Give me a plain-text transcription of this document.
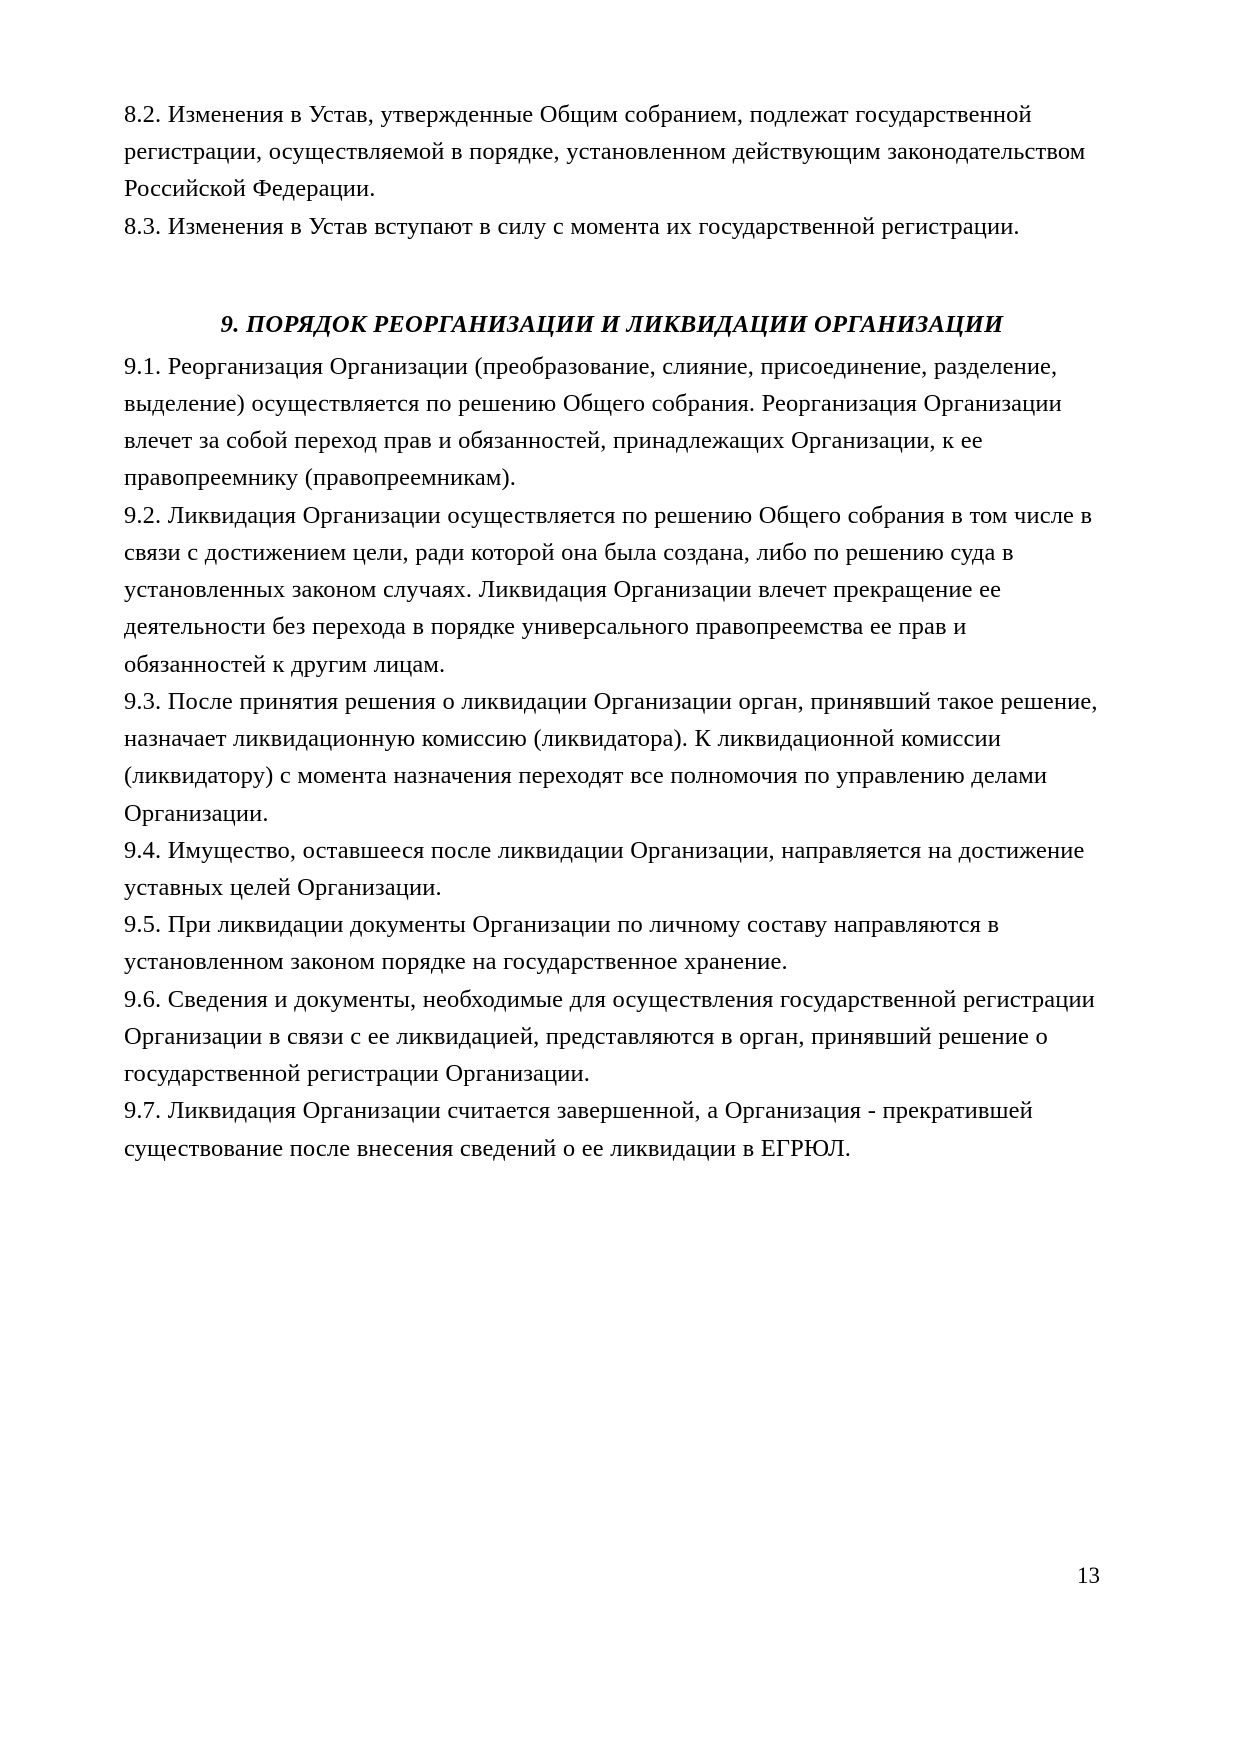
8.2. Изменения в Устав, утвержденные Общим собранием, подлежат государственной регистрации, осуществляемой в порядке, установленном действующим законодательством Российской Федерации.

8.3. Изменения в Устав вступают в силу с момента их государственной регистрации.

9. ПОРЯДОК РЕОРГАНИЗАЦИИ И ЛИКВИДАЦИИ ОРГАНИЗАЦИИ

9.1. Реорганизация Организации (преобразование, слияние, присоединение, разделение, выделение) осуществляется по решению Общего собрания. Реорганизация Организации влечет за собой переход прав и обязанностей, принадлежащих Организации, к ее правопреемнику (правопреемникам).

9.2. Ликвидация Организации осуществляется по решению Общего собрания в том числе в связи с достижением цели, ради которой она была создана, либо по решению суда в установленных законом случаях. Ликвидация Организации влечет прекращение ее деятельности без перехода в порядке универсального правопреемства ее прав и обязанностей к другим лицам.

9.3. После принятия решения о ликвидации Организации орган, принявший такое решение, назначает ликвидационную комиссию (ликвидатора). К ликвидационной комиссии (ликвидатору) с момента назначения переходят все полномочия по управлению делами Организации.

9.4. Имущество, оставшееся после ликвидации Организации, направляется на достижение уставных целей Организации.

9.5. При ликвидации документы Организации по личному составу направляются в установленном законом порядке на государственное хранение.

9.6. Сведения и документы, необходимые для осуществления государственной регистрации Организации в связи с ее ликвидацией, представляются в орган, принявший решение о государственной регистрации Организации.

9.7. Ликвидация Организации считается завершенной, а Организация - прекратившей существование после внесения сведений о ее ликвидации в ЕГРЮЛ.

13
